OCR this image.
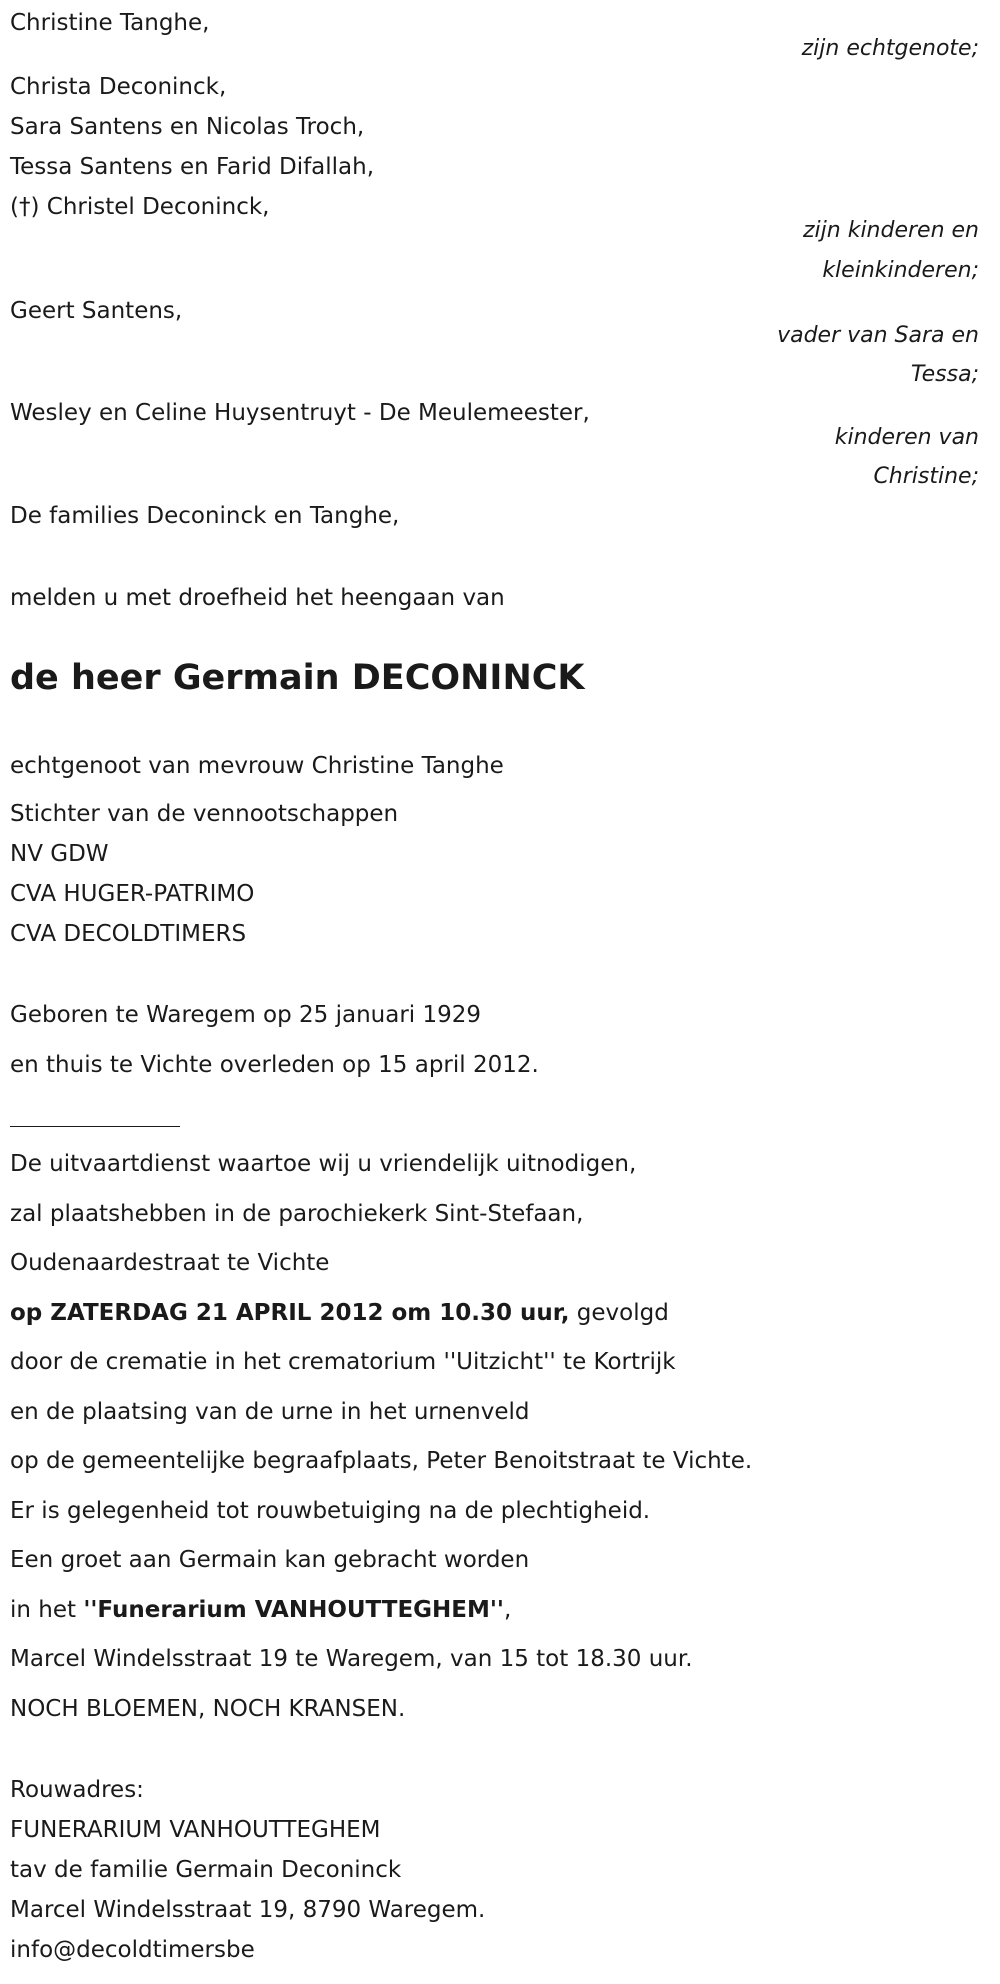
Christine Tanghe,
zijn echtgenote;
Christa Deconinck,
Sara Santens en Nicolas Troch,
Tessa Santens en Farid Difallah,
(†) Christel Deconinck,
zijn kinderen en
kleinkinderen;
Geert Santens,
vader van Sara en
Tessa;
Wesley en Celine Huysentruyt - De Meulemeester,
kinderen van
Christine;
De families Deconinck en Tanghe,
melden u met droefheid het heengaan van
de heer Germain DECONINCK
echtgenoot van mevrouw Christine Tanghe
Stichter van de vennootschappen
NV GDW
CVA HUGER-PATRIMO
CVA DECOLDTIMERS
Geboren te Waregem op 25 januari 1929
en thuis te Vichte overleden op 15 april 2012.
De uitvaartdienst waartoe wij u vriendelijk uitnodigen,
zal plaatshebben in de parochiekerk Sint-Stefaan,
Oudenaardestraat te Vichte
op ZATERDAG 21 APRIL 2012 om 10.30 uur, gevolgd
door de crematie in het crematorium ''Uitzicht'' te Kortrijk
en de plaatsing van de urne in het urnenveld
op de gemeentelijke begraafplaats, Peter Benoitstraat te Vichte.
Er is gelegenheid tot rouwbetuiging na de plechtigheid.
Een groet aan Germain kan gebracht worden
in het ''Funerarium VANHOUTTEGHEM'',
Marcel Windelsstraat 19 te Waregem, van 15 tot 18.30 uur.
NOCH BLOEMEN, NOCH KRANSEN.
Rouwadres:
FUNERARIUM VANHOUTTEGHEM
tav de familie Germain Deconinck
Marcel Windelsstraat 19, 8790 Waregem.
info@decoldtimersbe
